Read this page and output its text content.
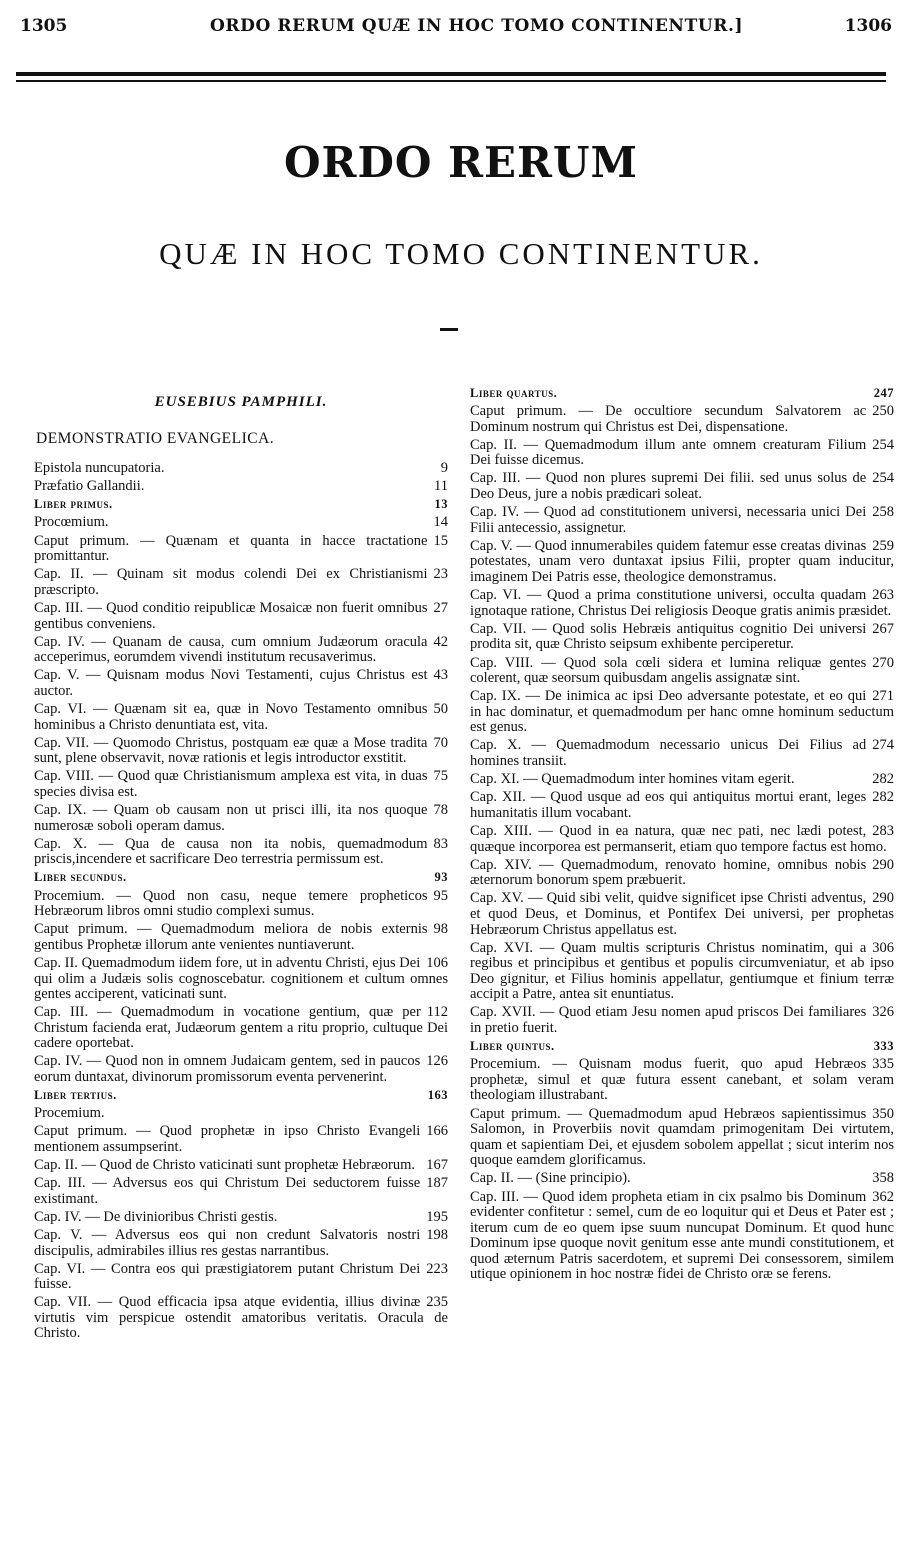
1305	ORDO RERUM QUÆ IN HOC TOMO CONTINENTUR.]	1306
ORDO RERUM
QUÆ IN HOC TOMO CONTINENTUR.
EUSEBIUS PAMPHILI.
DEMONSTRATIO EVANGELICA.
9
Epistola nuncupatoria.
11
Præfatio Gallandii.
13
Liber primus.
14
Procœmium.
15
Caput primum. — Quænam et quanta in hacce tractatione promittantur.
23
Cap. II. — Quinam sit modus colendi Dei ex Christianismi præscripto.
27
Cap. III. — Quod conditio reipublicæ Mosaicæ non fuerit omnibus gentibus conveniens.
42
Cap. IV. — Quanam de causa, cum omnium Judæorum oracula acceperimus, eorumdem vivendi institutum recusaverimus.
43
Cap. V. — Quisnam modus Novi Testamenti, cujus Christus est auctor.
50
Cap. VI. — Quænam sit ea, quæ in Novo Testamento omnibus hominibus a Christo denuntiata est, vita.
70
Cap. VII. — Quomodo Christus, postquam eæ quæ a Mose tradita sunt, plene observavit, novæ rationis et legis introductor exstitit.
75
Cap. VIII. — Quod quæ Christianismum amplexa est vita, in duas species divisa est.
78
Cap. IX. — Quam ob causam non ut prisci illi, ita nos quoque numerosæ soboli operam damus.
83
Cap. X. — Qua de causa non ita nobis, quemadmodum priscis,incendere et sacrificare Deo terrestria permissum est.
93
Liber secundus.
95
Procemium. — Quod non casu, neque temere propheticos Hebræorum libros omni studio complexi sumus.
98
Caput primum. — Quemadmodum meliora de nobis externis gentibus Prophetæ illorum ante venientes nuntiaverunt.
106
Cap. II. Quemadmodum iidem fore, ut in adventu Christi, ejus Dei qui olim a Judæis solis cognoscebatur. cognitionem et cultum omnes gentes acciperent, vaticinati sunt.
112
Cap. III. — Quemadmodum in vocatione gentium, quæ per Christum facienda erat, Judæorum gentem a ritu proprio, cultuque Dei cadere oportebat.
126
Cap. IV. — Quod non in omnem Judaicam gentem, sed in paucos eorum duntaxat, divinorum promissorum eventa pervenerint.
163
Liber tertius.
Procemium.
166
Caput primum. — Quod prophetæ in ipso Christo Evangeli mentionem assumpserint.
167
Cap. II. — Quod de Christo vaticinati sunt prophetæ Hebræorum.
187
Cap. III. — Adversus eos qui Christum Dei seductorem fuisse existimant.
195
Cap. IV. — De divinioribus Christi gestis.
198
Cap. V. — Adversus eos qui non credunt Salvatoris nostri discipulis, admirabiles illius res gestas narrantibus.
223
Cap. VI. — Contra eos qui præstigiatorem putant Christum Dei fuisse.
235
Cap. VII. — Quod efficacia ipsa atque evidentia, illius divinæ virtutis vim perspicue ostendit amatoribus veritatis. Oracula de Christo.
247
Liber quartus.
250
Caput primum. — De occultiore secundum Salvatorem ac Dominum nostrum qui Christus est Dei, dispensatione.
254
Cap. II. — Quemadmodum illum ante omnem creaturam Filium Dei fuisse dicemus.
254
Cap. III. — Quod non plures supremi Dei filii. sed unus solus de Deo Deus, jure a nobis prædicari soleat.
258
Cap. IV. — Quod ad constitutionem universi, necessaria unici Dei Filii antecessio, assignetur.
259
Cap. V. — Quod innumerabiles quidem fatemur esse creatas divinas potestates, unam vero duntaxat ipsius Filii, propter quam inducitur, imaginem Dei Patris esse, theologice demonstramus.
263
Cap. VI. — Quod a prima constitutione universi, occulta quadam ignotaque ratione, Christus Dei religiosis Deoque gratis animis præsidet.
267
Cap. VII. — Quod solis Hebræis antiquitus cognitio Dei universi prodita sit, quæ Christo seipsum exhibente perciperetur.
270
Cap. VIII. — Quod sola cœli sidera et lumina reliquæ gentes colerent, quæ seorsum quibusdam angelis assignatæ sint.
271
Cap. IX. — De inimica ac ipsi Deo adversante potestate, et eo qui in hac dominatur, et quemadmodum per hanc omne hominum seductum est genus.
274
Cap. X. — Quemadmodum necessario unicus Dei Filius ad homines transiit.
282
Cap. XI. — Quemadmodum inter homines vitam egerit.
282
Cap. XII. — Quod usque ad eos qui antiquitus mortui erant, leges humanitatis illum vocabant.
283
Cap. XIII. — Quod in ea natura, quæ nec pati, nec lædi potest, quæque incorporea est permanserit, etiam quo tempore factus est homo.
290
Cap. XIV. — Quemadmodum, renovato homine, omnibus nobis æternorum bonorum spem præbuerit.
290
Cap. XV. — Quid sibi velit, quidve significet ipse Christi adventus, et quod Deus, et Dominus, et Pontifex Dei universi, per prophetas Hebræorum Christus appellatus est.
306
Cap. XVI. — Quam multis scripturis Christus nominatim, qui a regibus et principibus et gentibus et populis circumveniatur, et ab ipso Deo gignitur, et Filius hominis appellatur, gentiumque et finium terræ accipit a Patre, antea sit enuntiatus.
326
Cap. XVII. — Quod etiam Jesu nomen apud priscos Dei familiares in pretio fuerit.
333
Liber quintus.
335
Procemium. — Quisnam modus fuerit, quo apud Hebræos prophetæ, simul et quæ futura essent canebant, et solam veram theologiam illustrabant.
350
Caput primum. — Quemadmodum apud Hebræos sapientissimus Salomon, in Proverbiis novit quamdam primogenitam Dei virtutem, quam et sapientiam Dei, et ejusdem sobolem appellat ; sicut interim nos quoque eamdem glorificamus.
358
Cap. II. — (Sine principio).
362
Cap. III. — Quod idem propheta etiam in cix psalmo bis Dominum evidenter confitetur : semel, cum de eo loquitur qui et Deus et Pater est ; iterum cum de eo quem ipse suum nuncupat Dominum. Et quod hunc Dominum ipse quoque novit genitum esse ante mundi constitutionem, et quod æternum Patris sacerdotem, et supremi Dei consessorem, similem utique opinionem in hoc nostræ fidei de Christo oræ se ferens.
